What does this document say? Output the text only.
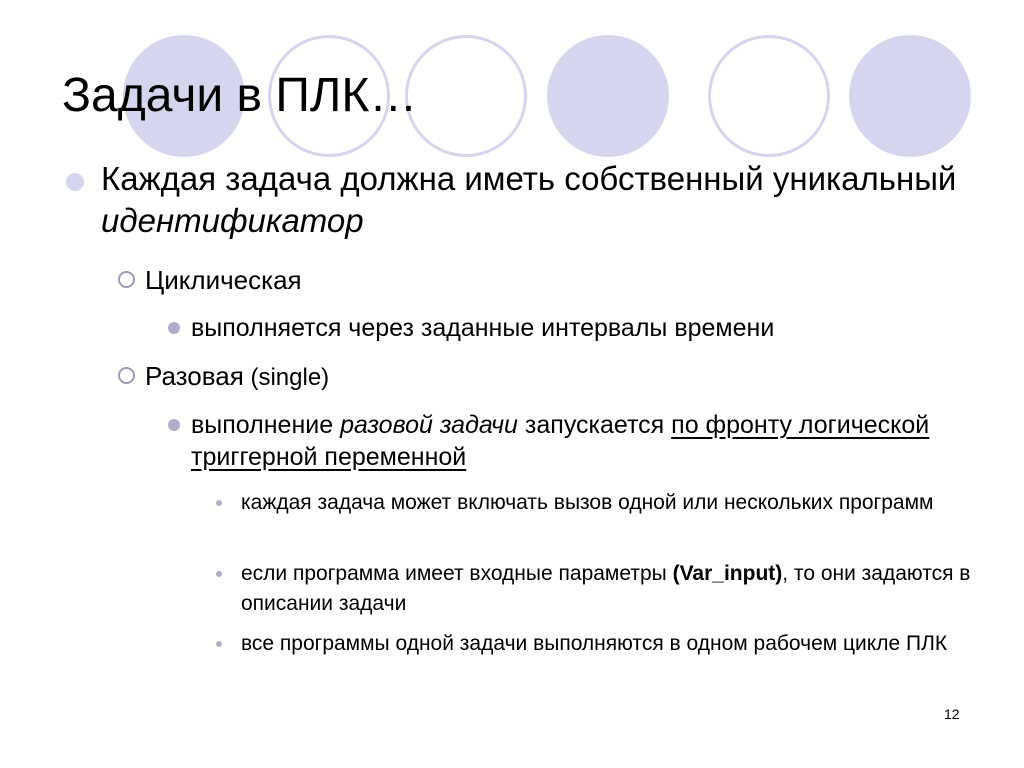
Задачи в ПЛК…
Каждая задача должна иметь собственный уникальный идентификатор
Циклическая
выполняется через заданные интервалы времени
Разовая (single)
выполнение разовой задачи запускается по фронту логической триггерной переменной
каждая задача может включать вызов одной или нескольких программ
если программа имеет входные параметры (Var_input), то они задаются в описании задачи
все программы одной задачи выполняются в одном рабочем цикле ПЛК
12
